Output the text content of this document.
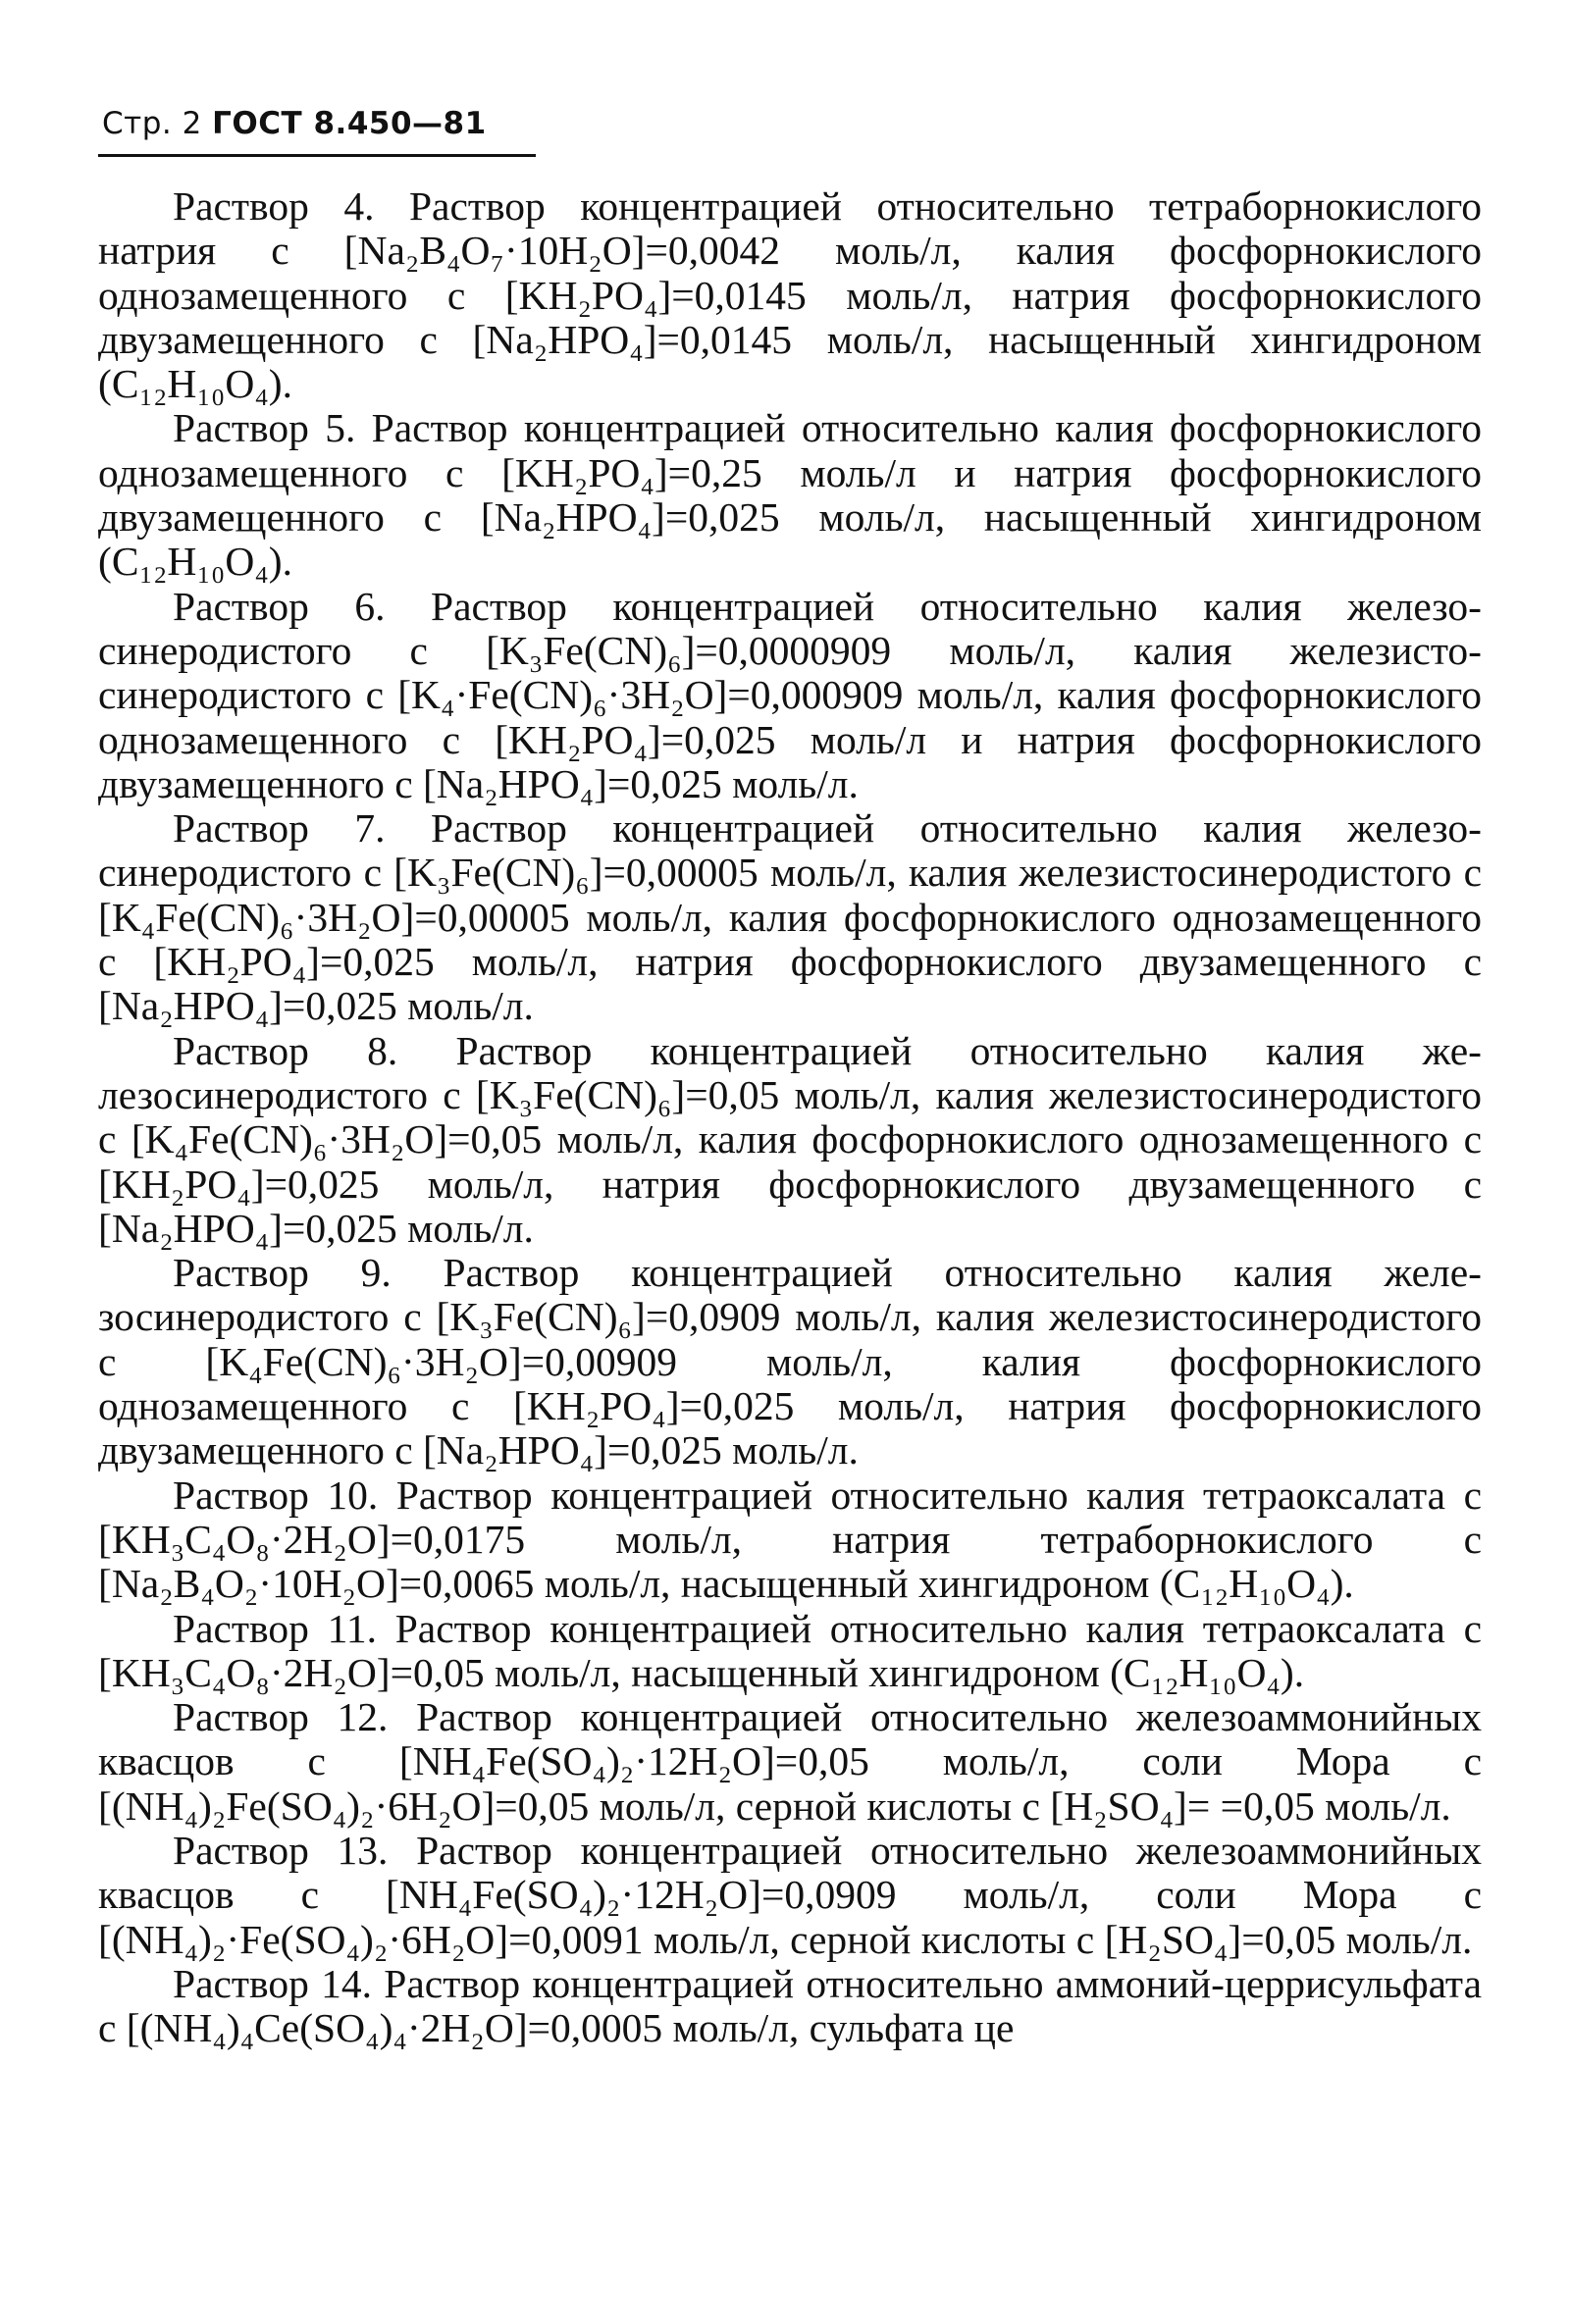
Стр. 2 ГОСТ 8.450—81

Раствор 4. Раствор концентрацией относительно тетраборнокислого натрия с [Na₂B₄O₇·10H₂O]=0,0042 моль/л, калия фосфорнокислого однозамещенного с [KH₂PO₄]=0,0145 моль/л, натрия фосфорнокислого двузамещенного с [Na₂HPO₄]=0,0145 моль/л, насыщенный хингидроном (C₁₂H₁₀O₄).

Раствор 5. Раствор концентрацией относительно калия фосфорнокислого однозамещенного с [KH₂PO₄]=0,25 моль/л и натрия фосфорнокислого двузамещенного с [Na₂HPO₄]=0,025 моль/л, насыщенный хингидроном (C₁₂H₁₀O₄).

Раствор 6. Раствор концентрацией относительно калия железосинеродистого с [K₃Fe(CN)₆]=0,0000909 моль/л, калия железистосинеродистого с [K₄·Fe(CN)₆·3H₂O]=0,000909 моль/л, калия фосфорнокислого однозамещенного с [KH₂PO₄]=0,025 моль/л и натрия фосфорнокислого двузамещенного с [Na₂HPO₄]=0,025 моль/л.

Раствор 7. Раствор концентрацией относительно калия железосинеродистого с [K₃Fe(CN)₆]=0,00005 моль/л, калия железистосинеродистого с [K₄Fe(CN)₆·3H₂O]=0,00005 моль/л, калия фосфорнокислого однозамещенного с [KH₂PO₄]=0,025 моль/л, натрия фосфорнокислого двузамещенного с [Na₂HPO₄]=0,025 моль/л.

Раствор 8. Раствор концентрацией относительно калия железосинеродистого с [K₃Fe(CN)₆]=0,05 моль/л, калия железистосинеродистого с [K₄Fe(CN)₆·3H₂O]=0,05 моль/л, калия фосфорнокислого однозамещенного с [KH₂PO₄]=0,025 моль/л, натрия фосфорнокислого двузамещенного с [Na₂HPO₄]=0,025 моль/л.

Раствор 9. Раствор концентрацией относительно калия железосинеродистого с [K₃Fe(CN)₆]=0,0909 моль/л, калия железистосинеродистого с [K₄Fe(CN)₆·3H₂O]=0,00909 моль/л, калия фосфорнокислого однозамещенного с [KH₂PO₄]=0,025 моль/л, натрия фосфорнокислого двузамещенного с [Na₂HPO₄]=0,025 моль/л.

Раствор 10. Раствор концентрацией относительно калия тетраоксалата с [KH₃C₄O₈·2H₂O]=0,0175 моль/л, натрия тетраборнокислого с [Na₂B₄O₂·10H₂O]=0,0065 моль/л, насыщенный хингидроном (C₁₂H₁₀O₄).

Раствор 11. Раствор концентрацией относительно калия тетраоксалата с [KH₃C₄O₈·2H₂O]=0,05 моль/л, насыщенный хингидроном (C₁₂H₁₀O₄).

Раствор 12. Раствор концентрацией относительно железоаммонийных квасцов с [NH₄Fe(SO₄)₂·12H₂O]=0,05 моль/л, соли Мора с [(NH₄)₂Fe(SO₄)₂·6H₂O]=0,05 моль/л, серной кислоты с [H₂SO₄]= =0,05 моль/л.

Раствор 13. Раствор концентрацией относительно железоаммонийных квасцов с [NH₄Fe(SO₄)₂·12H₂O]=0,0909 моль/л, соли Мора с [(NH₄)₂·Fe(SO₄)₂·6H₂O]=0,0091 моль/л, серной кислоты с [H₂SO₄]=0,05 моль/л.

Раствор 14. Раствор концентрацией относительно аммоний-церрисульфата с [(NH₄)₄Ce(SO₄)₄·2H₂O]=0,0005 моль/л, сульфата це
